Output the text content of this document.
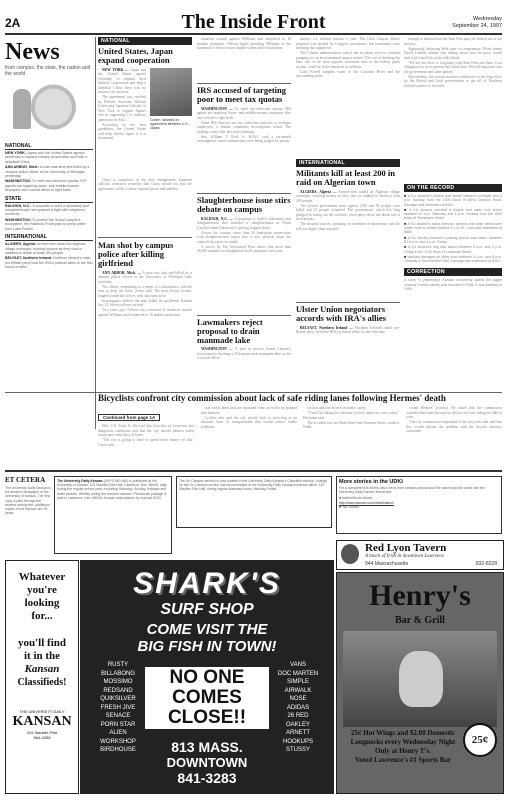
2A	The Inside Front	Wednesday
September 24, 1997
News
from campus, the state, the nation and the world
NATIONAL
NEW YORK: Japan and the United States agreed yesterday to expand military cooperation and help a skeptical China.
ANN ARBOR, Mich.: A man was shot and killed by a campus police officer at the University of Michigan yesterday.
WASHINGTON: To meet tax-collection quotas, IRS agents are targeting lower- and middle-income taxpayers who cannot afford to fight back.
STATE
RALEIGH, N.C.: A proposal to build a laboratory and slaughterhouse has sparked a fight with neighbors' concerns.
WASHINGTON: To protect the Grand Canyon's ecosystem, the Rainbow Pools plan to pump water from Lake Powell.
INTERNATIONAL
ALGIERS, Algeria: Armed men raided an Algerian village overnight, burning houses as they shot or stabbed to death at least 200 people.
BELFAST, Northern Ireland: Northern Ireland's main pro-British party took the IRA's political allies to the first round of talks.
NATIONAL
United States, Japan expand cooperation
Cohen: Worked on agreement between U.S., Japan.

NEW YORK — Japan and the United States agreed yesterday to expand their military cooperation and help a skeptical China there was no reason to be anxious.

The agreement was reached by Defense Secretary William Cohen and Japanese officials in New York to expand Japan's role in supporting U.S. military operations in Asia.

According to the new guidelines, the United States will help defend Japan if it is threatened.

China is suspicious of the new arrangement. Japanese officials reiterated yesterday that China should not fear the agreement, which is about regional peace and stability.

Man shot by campus police after killing girlfriend

ANN ARBOR, Mich. — A man was shot and killed by a campus police officer at the University of Michigan early yesterday.

The officer, responding to a report of a disturbance, told the man to drop the knife, police said. The man, Kesor Gerdes, lunged toward the officer, who shot him twice.

Investigators believe the man killed his girlfriend, Kirtana Jay, 25, before officers arrived.

Two years ago, Nelson was convicted of domestic assault against Williams and sentenced to 18 months probation.

domestic assault against Williams and sentenced to 18 months probation. Nelson began attacking Williams in the basement of the two-story duplex where police found him.

IRS accused of targeting poor to meet tax quotas

WASHINGTON — To meet tax-collection quotas, IRS agents are targeting lower- and middle-income taxpayers who can't afford to fight back.

Some IRS districts use tax collection statistics to evaluate employees, a Senate committee investigation found. The findings come after last year's hearings.

Sen. William V. Roth Jr., R-Del., said a six-month investigation found commissions were being judged by quotas.

Slaughterhouse issue stirs debate on campus

RALEIGH, N.C. — A proposal to build a laboratory and slaughterhouse that includes a slaughterhouse at North Carolina State University is getting bogged down.

Across the country, more than 20 land-grant universities with slaughterhouses report few, if any, protests about the research that goes on inside.

A survey by The Associated Press shows that more than 46,000 animals are slaughtered on 20 campuses each year.

Lawmakers reject proposal to drain manmade lake

WASHINGTON — A plan to protect Grand Canyon's ecosystem by draining a 210-square-mile manmade lake on the Colorado River.

attracts 2.1 million tourists a year. The Glen Canyon Dam's proposal was backed by Congress protestants, but lawmakers were anything but supportive.

The Clinton administration said it has no plans even to consider pumping for an environmental impact review. The cost of draining the lake, one of the most popular recreation sites in the federal parks system, could be in the hundreds of millions.

Lake Powell supplies water to the Colorado River and the surrounding states.

INTERNATIONAL
Militants kill at least 200 in raid on Algerian town

ALGIERS, Algeria — Armed men raided an Algerian village overnight, torching houses as they shot or stabbed to death at least 200 people.

The official government news agency APS said 85 people were killed and 67 people wounded. The government, which has long pledged to stamp out the violence, often plays down the death toll of such attacks.

The hospital sources, speaking on condition of anonymity, said the toll was higher than reported.

Ulster Union negotiators accords with IRA's allies

BELFAST, Northern Ireland — Northern Ireland's main pro-British party faced the IRA's political allies for the first time.

ON THE RECORD
■ A KU student's vehicle was stolen between midnight and 4 p.m. Sunday from the 1300 block of West Campus Road. Damage was estimated at $100.
■ A KU student reported a bicycle and cable lock stolen between 10 a.m. Saturday and 6 p.m. Sunday from the 1500 block of Tennessee Street.
■ A KU student's radar detector, camera and other items were stolen from a vehicle parked in Lot 90. Loss was estimated at $850.
■ A KU faculty member's parking permit was stolen between 8:15 a.m. and 4 p.m. Friday.
■ A KU student's ring was stolen between 8 a.m. and 3 p.m. Friday in the 1100 block of Louisiana Street.
■ Vandals damaged an office door between 11 p.m. and 8 a.m. Tuesday in Summerfield Hall. Damage was estimated at $200.
CORRECTION
A story in yesterday's Kansan incorrectly stated the Aggie comedy Gomez variety was founded in 1996. It was founded in 1990.

enough to demand that the Sinn Fein party be kicked out of the process.

Apparently harboring little hope of compromise, Ulster leader David Trimble already was talking about how his party would deal with Sinn Fein in the talks ahead.

"We are not there to negotiate with Sinn Fein and there is no obligation for us to present the whole time. We will negotiate with the government and other parties."

Nevertheless, the session marked a milestone in the long effort by the British and Irish governments to get all of Northern Ireland's parties to the table.

Bicyclists confront city commission about lack of safe riding lanes following Hermes' death
Continued from page 1A

Hall, 6 E. Sixth St. He said that bicyclists in Lawrence face dangerous conditions and that the city should address safety issues and create bicycle lanes.

"The city is going to have to spend more money on this," Curtis said.

safe traffic lanes and are separated from car traffic by painted lane markers.

Cyclists also said the city should look to bicycling as an alternate form of transportation that would reduce traffic problems.

cyclists and one drivers on traffic safety.

"I find I'm biking less because I worry about my own safety," Heckman said.

The accident was on Ninth Street and Vermont Street, south of Ninth.

sound Hermes' accident. He asked that the commission consider bike lanes because he did not feel safe riding his bike in town.

The city commission responded to the bicyclists and said that they would discuss the problem with the bicycle advisory committee.

ET CETERA
The University Daily Kansan is the student newspaper of the University of Kansas. The first copy is paid through the student activity fee. Additional copies of the Kansan are 25 cents.
The University Daily Kansan (USPS 650-640) is published at the University of Kansas, 119 Stauffer-Flint Hall, Lawrence, Kan. 66045, daily during the regular school year, excluding Saturday, Sunday, holidays and finals periods. Weekly during the summer session. Periodicals postage is paid in Lawrence, Kan. 66044. Annual subscriptions by mail are $120.
The On Campus section is now located in the University Daily Kansan's Classified section. Listings for the On Campus section can be purchased at the University Daily Kansan business office, 119 Stauffer-Flint Hall, during regular business hours, Monday-Friday.
More stories in the UDKi
For a complete look at this day's news from campus and around the nation and the world visit the University Daily Kansan interactive.
■ Nation/World stories
http://www.kansan.com/news/nation/
■ Top Stories
SHARK'S
SURF SHOP
COME VISIT THE
BIG FISH IN TOWN!
RUSTY
BILLABONG
MOSSIMO
REDSAND
QUIKSILVER
FRESH JIVE
SENACE
PORN STAR
ALIEN WORKSHOP
BIRDHOUSE
NO ONE
COMES
CLOSE!!
VANS
DOC MARTEN
SIMPLE
AIRWALK
NOSE
ADIDAS
26 RED
OAKLEY
ARNETT
HOOKUPS
STUSSY
813 MASS.
DOWNTOWN
841-3283
Whatever
you're
looking
for...
you'll find
it in the
Kansan
Classifieds!
THE UNIVERSITY DAILY
KANSAN
119 Stauffer-Flint
864-4358
Red Lyon Tavern
A touch of Irish in downtown Lawrence
944 Massachusetts	832-8228
Henry's
Bar & Grill
25¢
25¢ Hot Wings and $2.00 Domestic
Longnecks every Wednesday Night
Only at Henry T's.
Voted Lawrence's #1 Sports Bar
